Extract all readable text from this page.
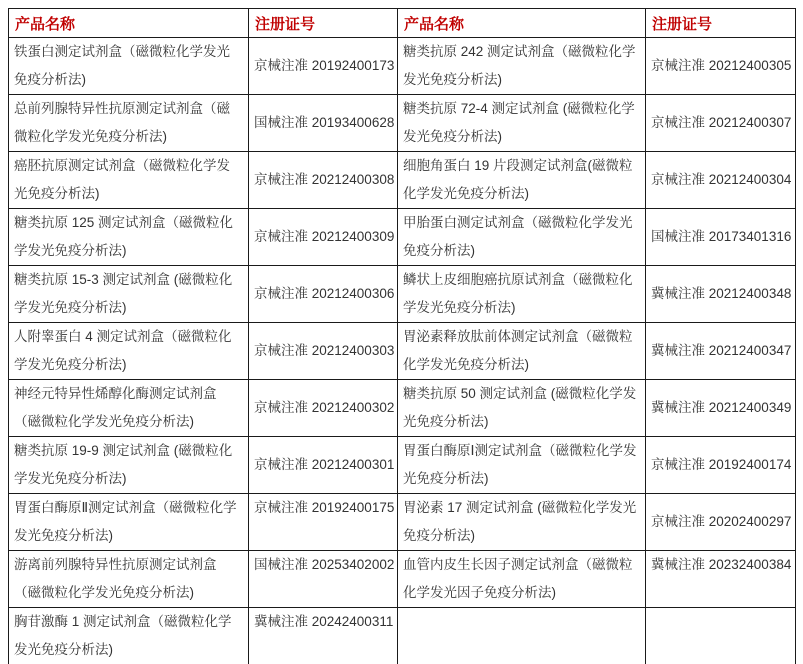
产品名称	注册证号	产品名称	注册证号
铁蛋白测定试剂盒（磁微粒化学发光免疫分析法)	京械注准 20192400173	糖类抗原 242 测定试剂盒（磁微粒化学发光免疫分析法)	京械注准 20212400305
总前列腺特异性抗原测定试剂盒（磁微粒化学发光免疫分析法)	国械注准 20193400628	糖类抗原 72-4 测定试剂盒 (磁微粒化学发光免疫分析法)	京械注准 20212400307
癌胚抗原测定试剂盒（磁微粒化学发光免疫分析法)	京械注准 20212400308	细胞角蛋白 19 片段测定试剂盒(磁微粒化学发光免疫分析法)	京械注准 20212400304
糖类抗原 125 测定试剂盒（磁微粒化学发光免疫分析法)	京械注准 20212400309	甲胎蛋白测定试剂盒（磁微粒化学发光免疫分析法)	国械注准 20173401316
糖类抗原 15-3 测定试剂盒 (磁微粒化学发光免疫分析法)	京械注准 20212400306	鳞状上皮细胞癌抗原试剂盒（磁微粒化学发光免疫分析法)	冀械注准 20212400348
人附睾蛋白 4 测定试剂盒（磁微粒化学发光免疫分析法)	京械注准 20212400303	胃泌素释放肽前体测定试剂盒（磁微粒化学发光免疫分析法)	冀械注准 20212400347
神经元特异性烯醇化酶测定试剂盒（磁微粒化学发光免疫分析法)	京械注准 20212400302	糖类抗原 50 测定试剂盒 (磁微粒化学发光免疫分析法)	冀械注准 20212400349
糖类抗原 19-9 测定试剂盒 (磁微粒化学发光免疫分析法)	京械注准 20212400301	胃蛋白酶原Ⅰ测定试剂盒（磁微粒化学发光免疫分析法)	京械注准 20192400174
胃蛋白酶原Ⅱ测定试剂盒（磁微粒化学发光免疫分析法)	京械注准 20192400175	胃泌素 17 测定试剂盒 (磁微粒化学发光免疫分析法)	京械注准 20202400297
游离前列腺特异性抗原测定试剂盒（磁微粒化学发光免疫分析法)	国械注准 20253402002	血管内皮生长因子测定试剂盒（磁微粒化学发光因子免疫分析法)	冀械注准 20232400384
胸苷激酶 1 测定试剂盒（磁微粒化学发光免疫分析法)	冀械注准 20242400311		
